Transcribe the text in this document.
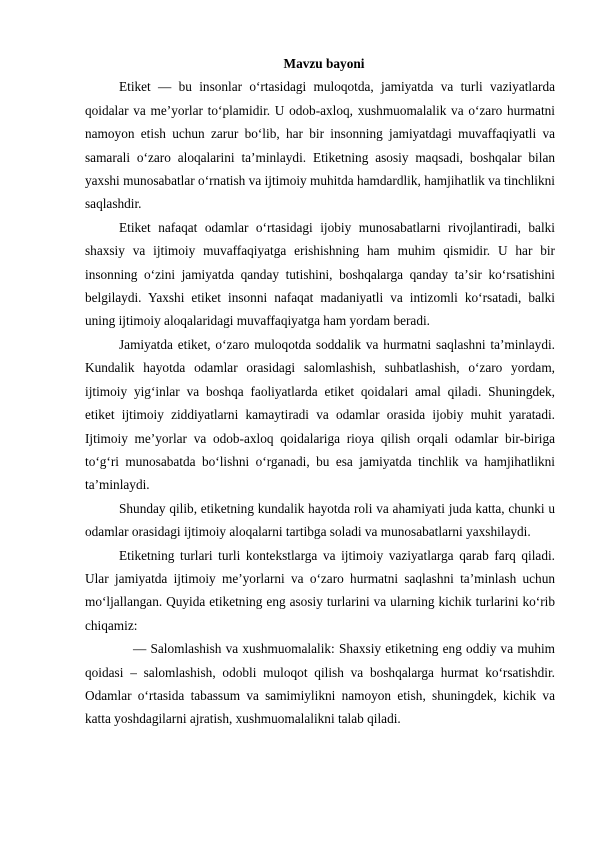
Mavzu bayoni

Etiket — bu insonlar oʻrtasidagi muloqotda, jamiyatda va turli vaziyatlarda qoidalar va meʼyorlar toʻplamidir. U odob-axloq, xushmuomalalik va oʻzaro hurmatni namoyon etish uchun zarur boʻlib, har bir insonning jamiyatdagi muvaffaqiyatli va samarali oʻzaro aloqalarini taʼminlaydi. Etiketning asosiy maqsadi, boshqalar bilan yaxshi munosabatlar oʻrnatish va ijtimoiy muhitda hamdardlik, hamjihatlik va tinchlikni saqlashdir.

Etiket nafaqat odamlar oʻrtasidagi ijobiy munosabatlarni rivojlantiradi, balki shaxsiy va ijtimoiy muvaffaqiyatga erishishning ham muhim qismidir. U har bir insonning oʻzini jamiyatda qanday tutishini, boshqalarga qanday taʼsir koʻrsatishini belgilaydi. Yaxshi etiket insonni nafaqat madaniyatli va intizomli koʻrsatadi, balki uning ijtimoiy aloqalaridagi muvaffaqiyatga ham yordam beradi.

Jamiyatda etiket, oʻzaro muloqotda soddalik va hurmatni saqlashni taʼminlaydi. Kundalik hayotda odamlar orasidagi salomlashish, suhbatlashish, oʻzaro yordam, ijtimoiy yigʻinlar va boshqa faoliyatlarda etiket qoidalari amal qiladi. Shuningdek, etiket ijtimoiy ziddiyatlarni kamaytiradi va odamlar orasida ijobiy muhit yaratadi. Ijtimoiy meʼyorlar va odob-axloq qoidalariga rioya qilish orqali odamlar bir-biriga toʻgʻri munosabatda boʻlishni oʻrganadi, bu esa jamiyatda tinchlik va hamjihatlikni taʼminlaydi.

Shunday qilib, etiketning kundalik hayotda roli va ahamiyati juda katta, chunki u odamlar orasidagi ijtimoiy aloqalarni tartibga soladi va munosabatlarni yaxshilaydi.

Etiketning turlari turli kontekstlarga va ijtimoiy vaziyatlarga qarab farq qiladi. Ular jamiyatda ijtimoiy meʼyorlarni va oʻzaro hurmatni saqlashni taʼminlash uchun moʻljallangan. Quyida etiketning eng asosiy turlarini va ularning kichik turlarini koʻrib chiqamiz:

— Salomlashish va xushmuomalalik: Shaxsiy etiketning eng oddiy va muhim qoidasi – salomlashish, odobli muloqot qilish va boshqalarga hurmat koʻrsatishdir. Odamlar oʻrtasida tabassum va samimiylikni namoyon etish, shuningdek, kichik va katta yoshdagilarni ajratish, xushmuomalalikni talab qiladi.
